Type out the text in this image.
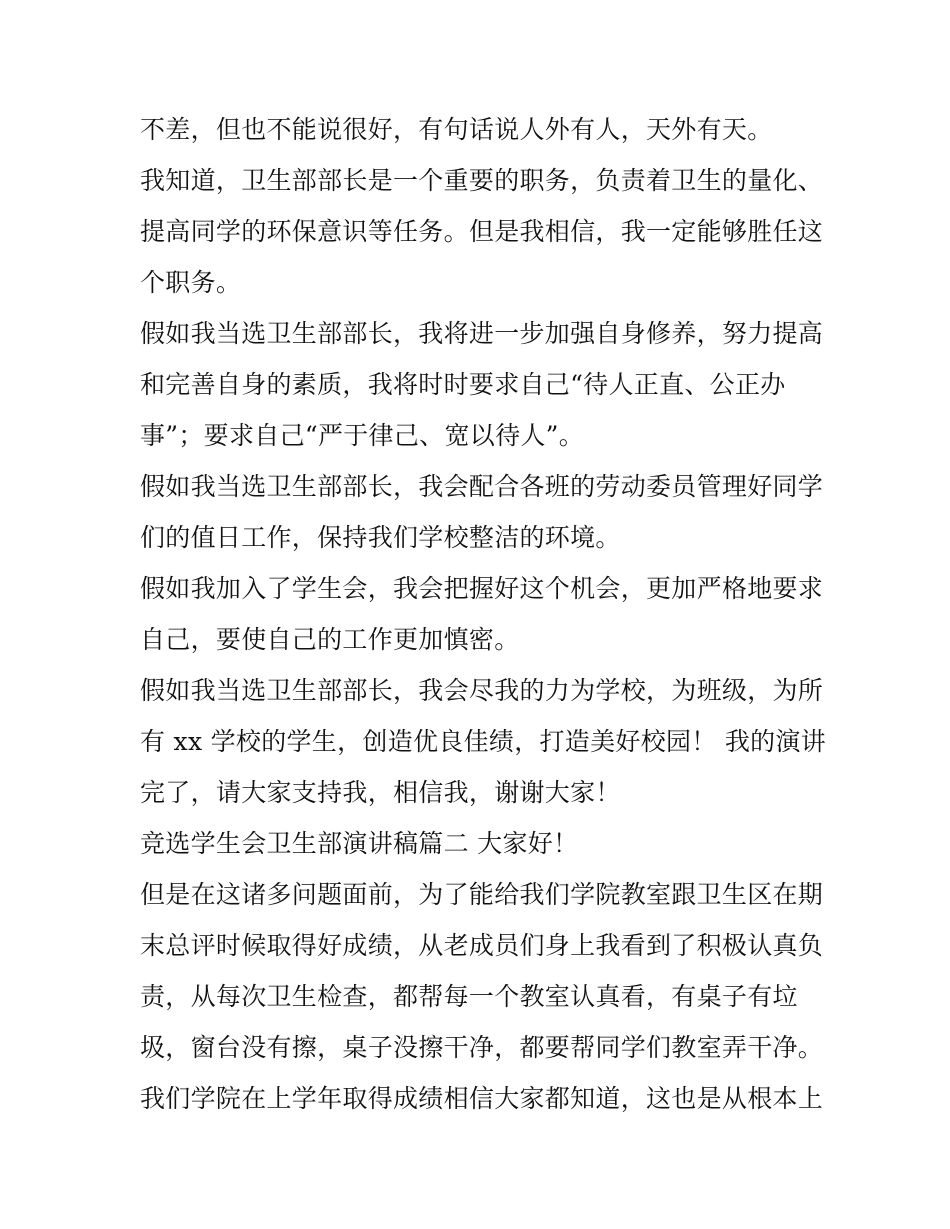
不差，但也不能说很好，有句话说人外有人，天外有天。
我知道，卫生部部长是一个重要的职务，负责着卫生的量化、
提高同学的环保意识等任务。但是我相信，我一定能够胜任这
个职务。
假如我当选卫生部部长，我将进一步加强自身修养，努力提高
和完善自身的素质，我将时时要求自己“待人正直、公正办
事”；要求自己“严于律己、宽以待人”。
假如我当选卫生部部长，我会配合各班的劳动委员管理好同学
们的值日工作，保持我们学校整洁的环境。
假如我加入了学生会，我会把握好这个机会，更加严格地要求
自己，要使自己的工作更加慎密。
假如我当选卫生部部长，我会尽我的力为学校，为班级，为所
有 xx 学校的学生，创造优良佳绩，打造美好校园！ 我的演讲
完了，请大家支持我，相信我，谢谢大家！
竞选学生会卫生部演讲稿篇二 大家好！
但是在这诸多问题面前，为了能给我们学院教室跟卫生区在期
末总评时候取得好成绩，从老成员们身上我看到了积极认真负
责，从每次卫生检查，都帮每一个教室认真看，有桌子有垃
圾，窗台没有擦，桌子没擦干净，都要帮同学们教室弄干净。
我们学院在上学年取得成绩相信大家都知道，这也是从根本上
